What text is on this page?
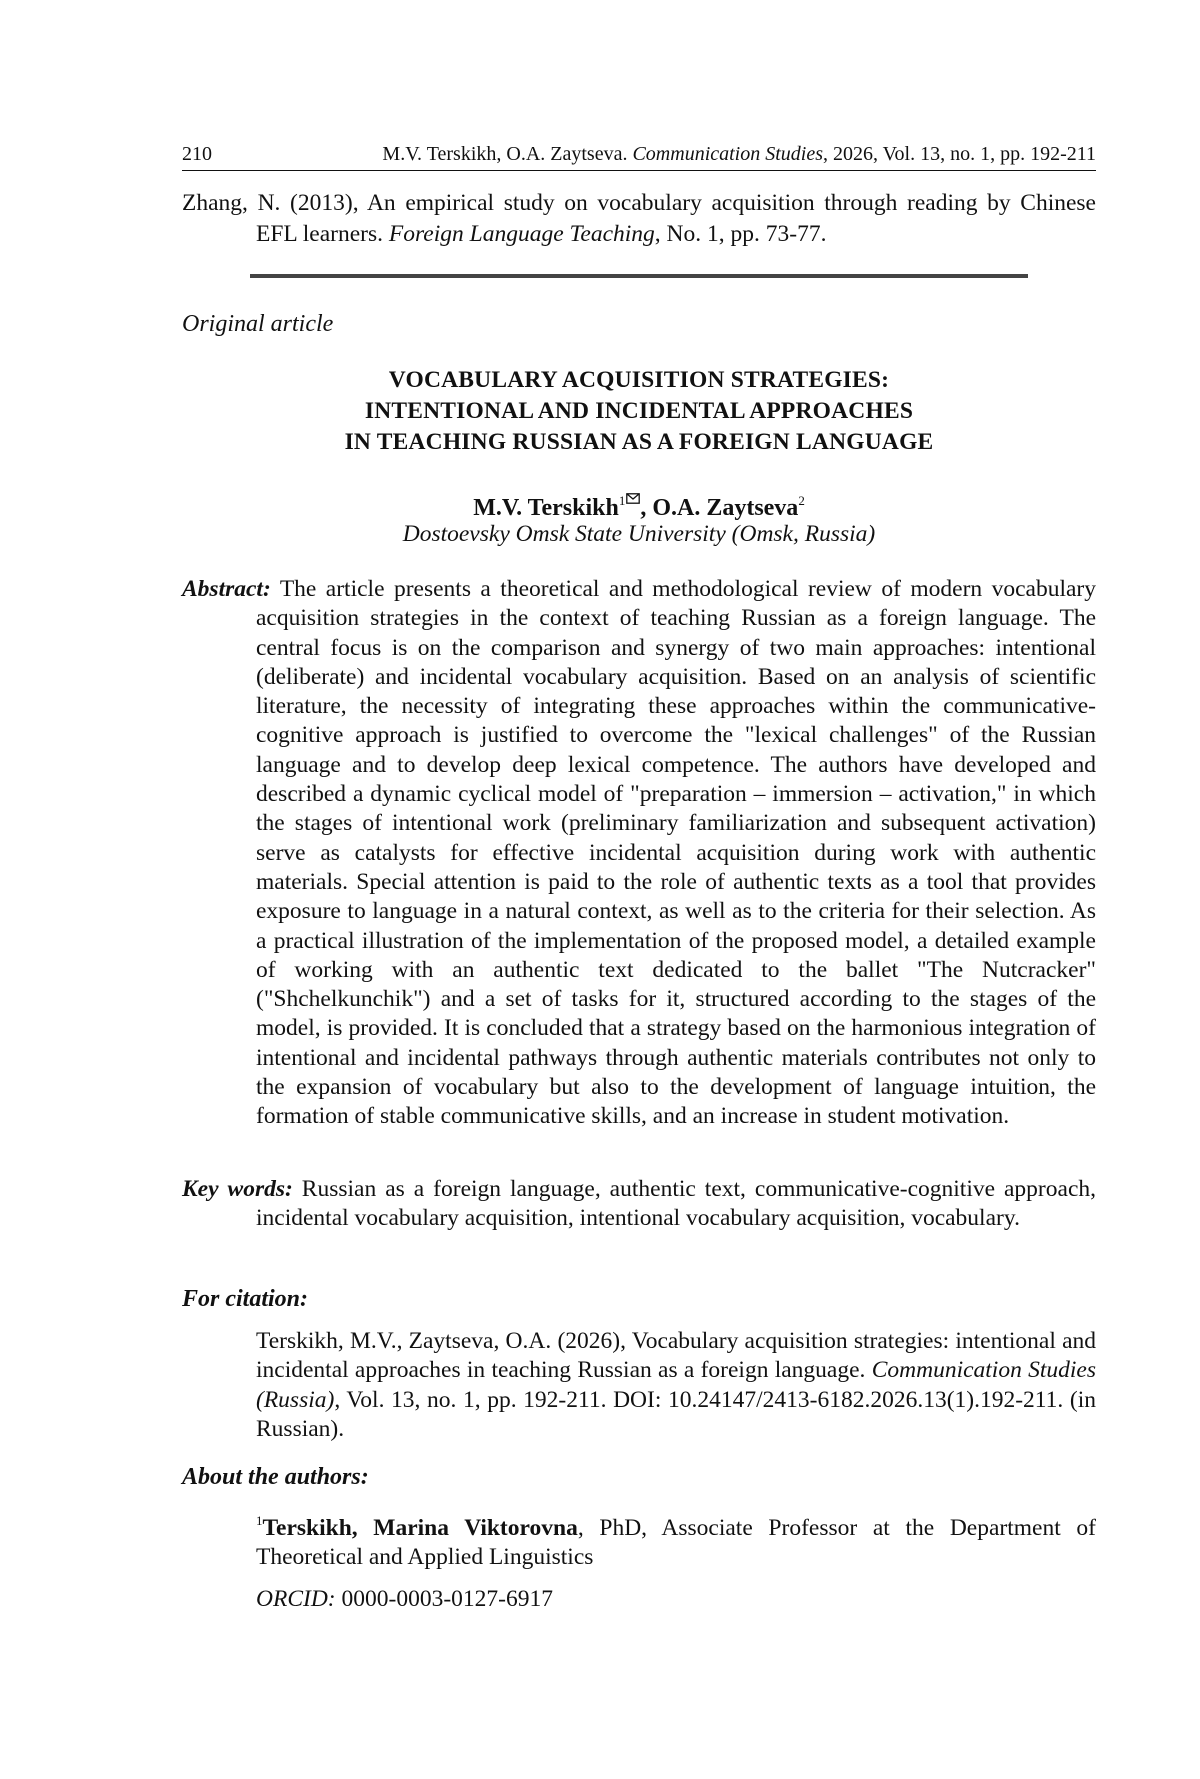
210	M.V. Terskikh, O.A. Zaytseva. Communication Studies, 2026, Vol. 13, no. 1, pp. 192-211
Zhang, N. (2013), An empirical study on vocabulary acquisition through reading by Chinese EFL learners. Foreign Language Teaching, No. 1, pp. 73-77.
Original article
VOCABULARY ACQUISITION STRATEGIES:
INTENTIONAL AND INCIDENTAL APPROACHES
IN TEACHING RUSSIAN AS A FOREIGN LANGUAGE
M.V. Terskikh$^1$ , O.A. Zaytseva$^2$
Dostoevsky Omsk State University (Omsk, Russia)
Abstract: The article presents a theoretical and methodological review of modern vocabulary acquisition strategies in the context of teaching Russian as a foreign language. The central focus is on the comparison and synergy of two main approaches: intentional (deliberate) and incidental vocabulary acquisition. Based on an analysis of scientific literature, the necessity of integrating these approaches within the communicative-cognitive approach is justified to overcome the "lexical challenges" of the Russian language and to develop deep lexical competence. The authors have developed and described a dynamic cyclical model of "preparation – immersion – activation," in which the stages of intentional work (preliminary familiarization and subsequent activation) serve as catalysts for effective incidental acquisition during work with authentic materials. Special attention is paid to the role of authentic texts as a tool that provides exposure to language in a natural context, as well as to the criteria for their selection. As a practical illustration of the implementation of the proposed model, a detailed example of working with an authentic text dedicated to the ballet "The Nutcracker" ("Shchelkunchik") and a set of tasks for it, structured according to the stages of the model, is provided. It is concluded that a strategy based on the harmonious integration of intentional and incidental pathways through authentic materials contributes not only to the expansion of vocabulary but also to the development of language intuition, the formation of stable communicative skills, and an increase in student motivation.
Key words: Russian as a foreign language, authentic text, communicative-cognitive approach, incidental vocabulary acquisition, intentional vocabulary acquisition, vocabulary.
For citation:
Terskikh, M.V., Zaytseva, O.A. (2026), Vocabulary acquisition strategies: intentional and incidental approaches in teaching Russian as a foreign language. Communication Studies (Russia), Vol. 13, no. 1, pp. 192-211. DOI: 10.24147/2413-6182.2026.13(1).192-211. (in Russian).
About the authors:
$^1$Terskikh, Marina Viktorovna, PhD, Associate Professor at the Department of Theoretical and Applied Linguistics
ORCID: 0000-0003-0127-6917
